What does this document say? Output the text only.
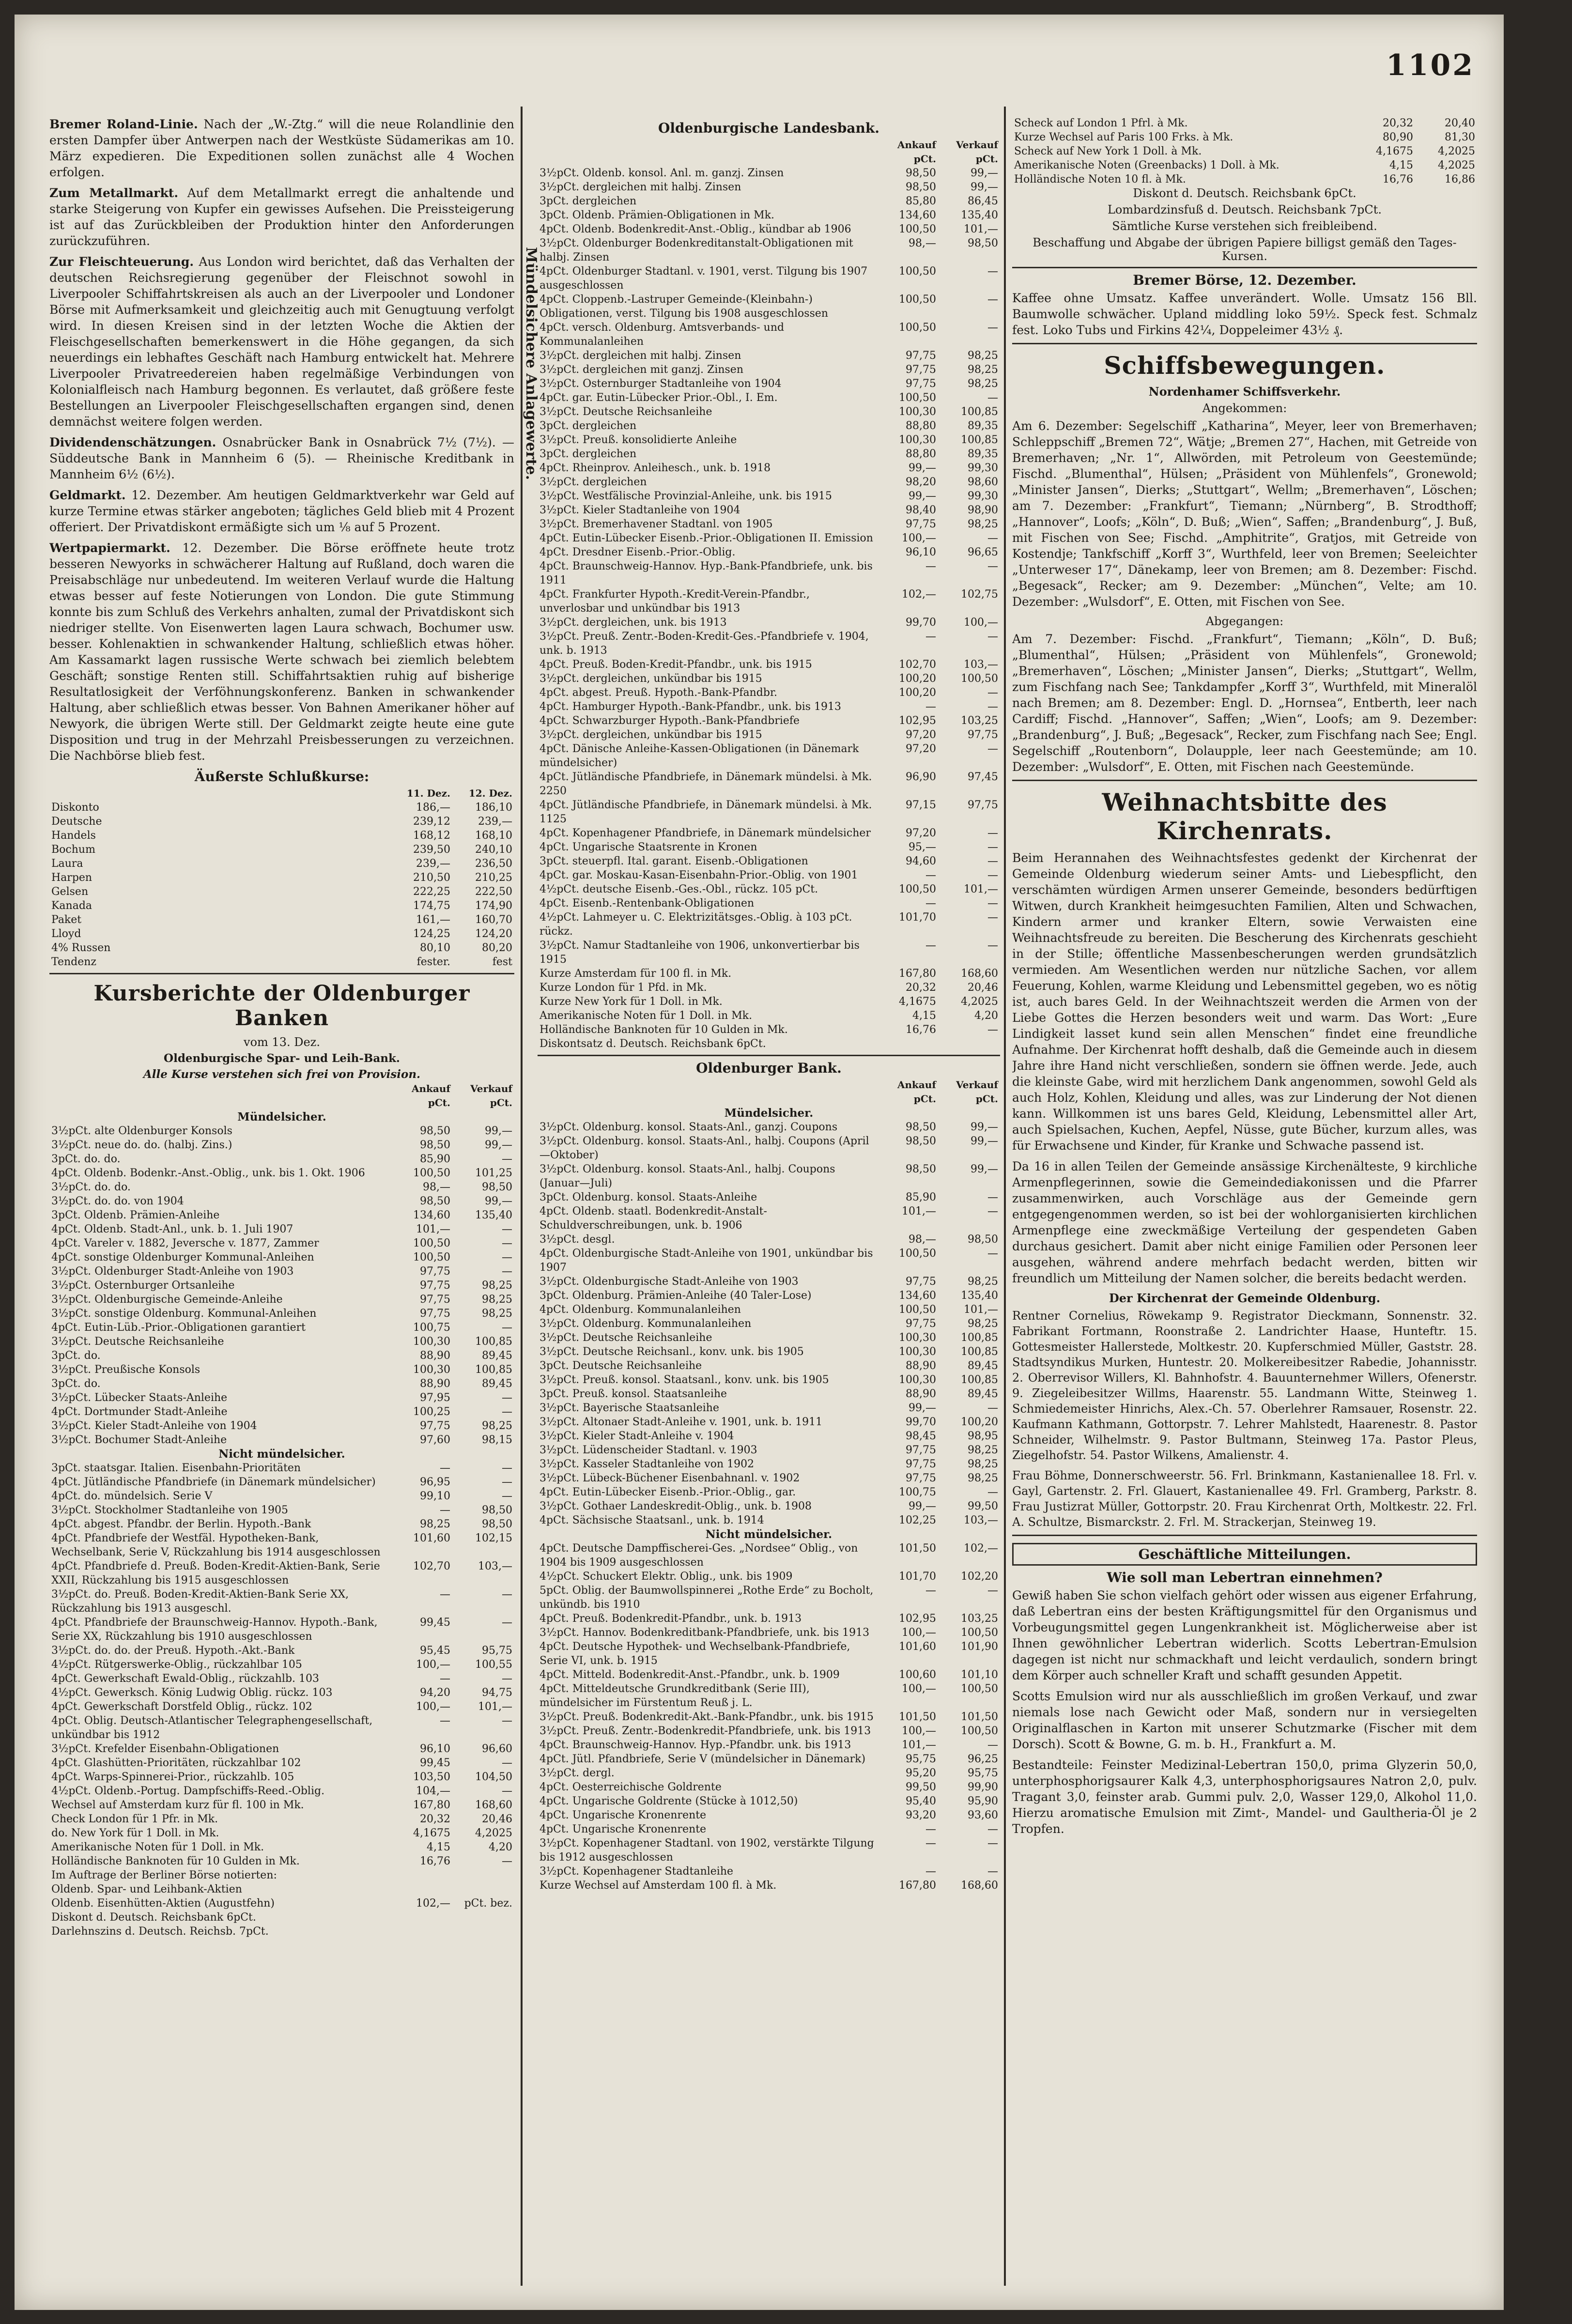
1102

Bremer Roland-Linie. Nach der „W.-Ztg.“ will die neue Rolandlinie den ersten Dampfer über Antwerpen nach der Westküste Südamerikas am 10. März expedieren. Die Expeditionen sollen zunächst alle 4 Wochen erfolgen.

Zum Metallmarkt. Auf dem Metallmarkt erregt die anhaltende und starke Steigerung von Kupfer ein gewisses Aufsehen. Die Preissteigerung ist auf das Zurückbleiben der Produktion hinter den Anforderungen zurückzuführen.

Zur Fleischteuerung. Aus London wird berichtet, daß das Verhalten der deutschen Reichsregierung gegenüber der Fleischnot sowohl in Liverpooler Schiffahrtskreisen als auch an der Liverpooler und Londoner Börse mit Aufmerksamkeit und gleichzeitig auch mit Genugtuung verfolgt wird. In diesen Kreisen sind in der letzten Woche die Aktien der Fleischgesellschaften bemerkenswert in die Höhe gegangen, da sich neuerdings ein lebhaftes Geschäft nach Hamburg entwickelt hat. Mehrere Liverpooler Privatreedereien haben regelmäßige Verbindungen von Kolonialfleisch nach Hamburg begonnen. Es verlautet, daß größere feste Bestellungen an Liverpooler Fleischgesellschaften ergangen sind, denen demnächst weitere folgen werden.

Dividendenschätzungen. Osnabrücker Bank in Osnabrück 7½ (7½). — Süddeutsche Bank in Mannheim 6 (5). — Rheinische Kreditbank in Mannheim 6½ (6½).

Geldmarkt. 12. Dezember. Am heutigen Geldmarktverkehr war Geld auf kurze Termine etwas stärker angeboten; tägliches Geld blieb mit 4 Prozent offeriert. Der Privatdiskont ermäßigte sich um ⅛ auf 5 Prozent.

Wertpapiermarkt. 12. Dezember. Die Börse eröffnete heute trotz besseren Newyorks in schwächerer Haltung auf Rußland, doch waren die Preisabschläge nur unbedeutend. Im weiteren Verlauf wurde die Haltung etwas besser auf feste Notierungen von London. Die gute Stimmung konnte bis zum Schluß des Verkehrs anhalten, zumal der Privatdiskont sich niedriger stellte. Von Eisenwerten lagen Laura schwach, Bochumer usw. besser. Kohlenaktien in schwankender Haltung, schließlich etwas höher. Am Kassamarkt lagen russische Werte schwach bei ziemlich belebtem Geschäft; sonstige Renten still. Schiffahrtsaktien ruhig auf bisherige Resultatlosigkeit der Verföhnungskonferenz. Banken in schwankender Haltung, aber schließlich etwas besser. Von Bahnen Amerikaner höher auf Newyork, die übrigen Werte still. Der Geldmarkt zeigte heute eine gute Disposition und trug in der Mehrzahl Preisbesserungen zu verzeichnen. Die Nachbörse blieb fest.

Äußerste Schlußkurse:
	11. Dez.	12. Dez.
Diskonto	186,—	186,10
Deutsche	239,12	239,—
Handels	168,12	168,10
Bochum	239,50	240,10
Laura	239,—	236,50
Harpen	210,50	210,25
Gelsen	222,25	222,50
Kanada	174,75	174,90
Paket	161,—	160,70
Lloyd	124,25	124,20
4% Russen	80,10	80,20
Tendenz	fester.	fest
Kursberichte der Oldenburger Banken
vom 13. Dez.
Oldenburgische Spar- und Leih-Bank.
Alle Kurse verstehen sich frei von Provision.
	Ankauf pCt.	Verkauf pCt.
Mündelsicher.		
3½pCt. alte Oldenburger Konsols	98,50	99,—
3½pCt. neue do. do. (halbj. Zins.)	98,50	99,—
3pCt. do. do.	85,90	—
4pCt. Oldenb. Bodenkr.-Anst.-Oblig., unk. bis 1. Okt. 1906	100,50	101,25
3½pCt. do. do.	98,—	98,50
3½pCt. do. do. von 1904	98,50	99,—
3pCt. Oldenb. Prämien-Anleihe	134,60	135,40
4pCt. Oldenb. Stadt-Anl., unk. b. 1. Juli 1907	101,—	—
4pCt. Vareler v. 1882, Jeversche v. 1877, Zammer	100,50	—
4pCt. sonstige Oldenburger Kommunal-Anleihen	100,50	—
3½pCt. Oldenburger Stadt-Anleihe von 1903	97,75	—
3½pCt. Osternburger Ortsanleihe	97,75	98,25
3½pCt. Oldenburgische Gemeinde-Anleihe	97,75	98,25
3½pCt. sonstige Oldenburg. Kommunal-Anleihen	97,75	98,25
4pCt. Eutin-Lüb.-Prior.-Obligationen garantiert	100,75	—
3½pCt. Deutsche Reichsanleihe	100,30	100,85
3pCt. do.	88,90	89,45
3½pCt. Preußische Konsols	100,30	100,85
3pCt. do.	88,90	89,45
3½pCt. Lübecker Staats-Anleihe	97,95	—
4pCt. Dortmunder Stadt-Anleihe	100,25	—
3½pCt. Kieler Stadt-Anleihe von 1904	97,75	98,25
3½pCt. Bochumer Stadt-Anleihe	97,60	98,15
Nicht mündelsicher.		
3pCt. staatsgar. Italien. Eisenbahn-Prioritäten	—	—
4pCt. Jütländische Pfandbriefe (in Dänemark mündelsicher)	96,95	—
4pCt. do. mündelsich. Serie V	99,10	—
3½pCt. Stockholmer Stadtanleihe von 1905	—	98,50
4pCt. abgest. Pfandbr. der Berlin. Hypoth.-Bank	98,25	98,50
4pCt. Pfandbriefe der Westfäl. Hypotheken-Bank, Wechselbank, Serie V, Rückzahlung bis 1914 ausgeschlossen	101,60	102,15
4pCt. Pfandbriefe d. Preuß. Boden-Kredit-Aktien-Bank, Serie XXII, Rückzahlung bis 1915 ausgeschlossen	102,70	103,—
3½pCt. do. Preuß. Boden-Kredit-Aktien-Bank Serie XX, Rückzahlung bis 1913 ausgeschl.	—	—
4pCt. Pfandbriefe der Braunschweig-Hannov. Hypoth.-Bank, Serie XX, Rückzahlung bis 1910 ausgeschlossen	99,45	—
3½pCt. do. do. der Preuß. Hypoth.-Akt.-Bank	95,45	95,75
4½pCt. Rütgerswerke-Oblig., rückzahlbar 105	100,—	100,55
4pCt. Gewerkschaft Ewald-Oblig., rückzahlb. 103	—	—
4½pCt. Gewerksch. König Ludwig Oblig. rückz. 103	94,20	94,75
4pCt. Gewerkschaft Dorstfeld Oblig., rückz. 102	100,—	101,—
4pCt. Oblig. Deutsch-Atlantischer Telegraphengesellschaft, unkündbar bis 1912	—	—
3½pCt. Krefelder Eisenbahn-Obligationen	96,10	96,60
4pCt. Glashütten-Prioritäten, rückzahlbar 102	99,45	—
4pCt. Warps-Spinnerei-Prior., rückzahlb. 105	103,50	104,50
4½pCt. Oldenb.-Portug. Dampfschiffs-Reed.-Oblig.	104,—	—
Wechsel auf Amsterdam kurz für fl. 100 in Mk.	167,80	168,60
Check London für 1 Pfr. in Mk.	20,32	20,46
do. New York für 1 Doll. in Mk.	4,1675	4,2025
Amerikanische Noten für 1 Doll. in Mk.	4,15	4,20
Holländische Banknoten für 10 Gulden in Mk.	16,76	—
Im Auftrage der Berliner Börse notierten:		
Oldenb. Spar- und Leihbank-Aktien		
Oldenb. Eisenhütten-Aktien (Augustfehn)	102,—	pCt. bez.
Diskont d. Deutsch. Reichsbank 6pCt.		
Darlehnszins d. Deutsch. Reichsb. 7pCt.		
Mündelsichere Anlagewerte.
Oldenburgische Landesbank.
	Ankauf pCt.	Verkauf pCt.
3½pCt. Oldenb. konsol. Anl. m. ganzj. Zinsen	98,50	99,—
3½pCt. dergleichen mit halbj. Zinsen	98,50	99,—
3pCt. dergleichen	85,80	86,45
3pCt. Oldenb. Prämien-Obligationen in Mk.	134,60	135,40
4pCt. Oldenb. Bodenkredit-Anst.-Oblig., kündbar ab 1906	100,50	101,—
3½pCt. Oldenburger Bodenkreditanstalt-Obligationen mit halbj. Zinsen	98,—	98,50
4pCt. Oldenburger Stadtanl. v. 1901, verst. Tilgung bis 1907 ausgeschlossen	100,50	—
4pCt. Cloppenb.-Lastruper Gemeinde-(Kleinbahn-) Obligationen, verst. Tilgung bis 1908 ausgeschlossen	100,50	—
4pCt. versch. Oldenburg. Amtsverbands- und Kommunalanleihen	100,50	—
3½pCt. dergleichen mit halbj. Zinsen	97,75	98,25
3½pCt. dergleichen mit ganzj. Zinsen	97,75	98,25
3½pCt. Osternburger Stadtanleihe von 1904	97,75	98,25
4pCt. gar. Eutin-Lübecker Prior.-Obl., I. Em.	100,50	—
3½pCt. Deutsche Reichsanleihe	100,30	100,85
3pCt. dergleichen	88,80	89,35
3½pCt. Preuß. konsolidierte Anleihe	100,30	100,85
3pCt. dergleichen	88,80	89,35
4pCt. Rheinprov. Anleihesch., unk. b. 1918	99,—	99,30
3½pCt. dergleichen	98,20	98,60
3½pCt. Westfälische Provinzial-Anleihe, unk. bis 1915	99,—	99,30
3½pCt. Kieler Stadtanleihe von 1904	98,40	98,90
3½pCt. Bremerhavener Stadtanl. von 1905	97,75	98,25
4pCt. Eutin-Lübecker Eisenb.-Prior.-Obligationen II. Emission	100,—	—
4pCt. Dresdner Eisenb.-Prior.-Oblig.	96,10	96,65
4pCt. Braunschweig-Hannov. Hyp.-Bank-Pfandbriefe, unk. bis 1911	—	—
4pCt. Frankfurter Hypoth.-Kredit-Verein-Pfandbr., unverlosbar und unkündbar bis 1913	102,—	102,75
3½pCt. dergleichen, unk. bis 1913	99,70	100,—
3½pCt. Preuß. Zentr.-Boden-Kredit-Ges.-Pfandbriefe v. 1904, unk. b. 1913	—	—
4pCt. Preuß. Boden-Kredit-Pfandbr., unk. bis 1915	102,70	103,—
3½pCt. dergleichen, unkündbar bis 1915	100,20	100,50
4pCt. abgest. Preuß. Hypoth.-Bank-Pfandbr.	100,20	—
4pCt. Hamburger Hypoth.-Bank-Pfandbr., unk. bis 1913	—	—
4pCt. Schwarzburger Hypoth.-Bank-Pfandbriefe	102,95	103,25
3½pCt. dergleichen, unkündbar bis 1915	97,20	97,75
4pCt. Dänische Anleihe-Kassen-Obligationen (in Dänemark mündelsicher)	97,20	—
4pCt. Jütländische Pfandbriefe, in Dänemark mündelsi. à Mk. 2250	96,90	97,45
4pCt. Jütländische Pfandbriefe, in Dänemark mündelsi. à Mk. 1125	97,15	97,75
4pCt. Kopenhagener Pfandbriefe, in Dänemark mündelsicher	97,20	—
4pCt. Ungarische Staatsrente in Kronen	95,—	—
3pCt. steuerpfl. Ital. garant. Eisenb.-Obligationen	94,60	—
4pCt. gar. Moskau-Kasan-Eisenbahn-Prior.-Oblig. von 1901	—	—
4½pCt. deutsche Eisenb.-Ges.-Obl., rückz. 105 pCt.	100,50	101,—
4pCt. Eisenb.-Rentenbank-Obligationen	—	—
4½pCt. Lahmeyer u. C. Elektrizitätsges.-Oblig. à 103 pCt. rückz.	101,70	—
3½pCt. Namur Stadtanleihe von 1906, unkonvertierbar bis 1915	—	—
Kurze Amsterdam für 100 fl. in Mk.	167,80	168,60
Kurze London für 1 Pfd. in Mk.	20,32	20,46
Kurze New York für 1 Doll. in Mk.	4,1675	4,2025
Amerikanische Noten für 1 Doll. in Mk.	4,15	4,20
Holländische Banknoten für 10 Gulden in Mk.	16,76	—
Diskontsatz d. Deutsch. Reichsbank 6pCt.		
Oldenburger Bank.
	Ankauf pCt.	Verkauf pCt.
Mündelsicher.		
3½pCt. Oldenburg. konsol. Staats-Anl., ganzj. Coupons	98,50	99,—
3½pCt. Oldenburg. konsol. Staats-Anl., halbj. Coupons (April—Oktober)	98,50	99,—
3½pCt. Oldenburg. konsol. Staats-Anl., halbj. Coupons (Januar—Juli)	98,50	99,—
3pCt. Oldenburg. konsol. Staats-Anleihe	85,90	—
4pCt. Oldenb. staatl. Bodenkredit-Anstalt-Schuldverschreibungen, unk. b. 1906	101,—	—
3½pCt. desgl.	98,—	98,50
4pCt. Oldenburgische Stadt-Anleihe von 1901, unkündbar bis 1907	100,50	—
3½pCt. Oldenburgische Stadt-Anleihe von 1903	97,75	98,25
3pCt. Oldenburg. Prämien-Anleihe (40 Taler-Lose)	134,60	135,40
4pCt. Oldenburg. Kommunalanleihen	100,50	101,—
3½pCt. Oldenburg. Kommunalanleihen	97,75	98,25
3½pCt. Deutsche Reichsanleihe	100,30	100,85
3½pCt. Deutsche Reichsanl., konv. unk. bis 1905	100,30	100,85
3pCt. Deutsche Reichsanleihe	88,90	89,45
3½pCt. Preuß. konsol. Staatsanl., konv. unk. bis 1905	100,30	100,85
3pCt. Preuß. konsol. Staatsanleihe	88,90	89,45
3½pCt. Bayerische Staatsanleihe	99,—	—
3½pCt. Altonaer Stadt-Anleihe v. 1901, unk. b. 1911	99,70	100,20
3½pCt. Kieler Stadt-Anleihe v. 1904	98,45	98,95
3½pCt. Lüdenscheider Stadtanl. v. 1903	97,75	98,25
3½pCt. Kasseler Stadtanleihe von 1902	97,75	98,25
3½pCt. Lübeck-Büchener Eisenbahnanl. v. 1902	97,75	98,25
4pCt. Eutin-Lübecker Eisenb.-Prior.-Oblig., gar.	100,75	—
3½pCt. Gothaer Landeskredit-Oblig., unk. b. 1908	99,—	99,50
4pCt. Sächsische Staatsanl., unk. b. 1914	102,25	103,—
Nicht mündelsicher.		
4pCt. Deutsche Dampffischerei-Ges. „Nordsee“ Oblig., von 1904 bis 1909 ausgeschlossen	101,50	102,—
4½pCt. Schuckert Elektr. Oblig., unk. bis 1909	101,70	102,20
5pCt. Oblig. der Baumwollspinnerei „Rothe Erde“ zu Bocholt, unkündb. bis 1910	—	—
4pCt. Preuß. Bodenkredit-Pfandbr., unk. b. 1913	102,95	103,25
3½pCt. Hannov. Bodenkreditbank-Pfandbriefe, unk. bis 1913	100,—	100,50
4pCt. Deutsche Hypothek- und Wechselbank-Pfandbriefe, Serie VI, unk. b. 1915	101,60	101,90
4pCt. Mitteld. Bodenkredit-Anst.-Pfandbr., unk. b. 1909	100,60	101,10
4pCt. Mitteldeutsche Grundkreditbank (Serie III), mündelsicher im Fürstentum Reuß j. L.	100,—	100,50
3½pCt. Preuß. Bodenkredit-Akt.-Bank-Pfandbr., unk. bis 1915	101,50	101,50
3½pCt. Preuß. Zentr.-Bodenkredit-Pfandbriefe, unk. bis 1913	100,—	100,50
4pCt. Braunschweig-Hannov. Hyp.-Pfandbr. unk. bis 1913	101,—	—
4pCt. Jütl. Pfandbriefe, Serie V (mündelsicher in Dänemark)	95,75	96,25
3½pCt. dergl.	95,20	95,75
4pCt. Oesterreichische Goldrente	99,50	99,90
4pCt. Ungarische Goldrente (Stücke à 1012,50)	95,40	95,90
4pCt. Ungarische Kronenrente	93,20	93,60
4pCt. Ungarische Kronenrente	—	—
3½pCt. Kopenhagener Stadtanl. von 1902, verstärkte Tilgung bis 1912 ausgeschlossen	—	—
3½pCt. Kopenhagener Stadtanleihe	—	—
Kurze Wechsel auf Amsterdam 100 fl. à Mk.	167,80	168,60
Scheck auf London 1 Pfrl. à Mk.	20,32	20,40
Kurze Wechsel auf Paris 100 Frks. à Mk.	80,90	81,30
Scheck auf New York 1 Doll. à Mk.	4,1675	4,2025
Amerikanische Noten (Greenbacks) 1 Doll. à Mk.	4,15	4,2025
Holländische Noten 10 fl. à Mk.	16,76	16,86
Diskont d. Deutsch. Reichsbank 6pCt.
Lombardzinsfuß d. Deutsch. Reichsbank 7pCt.
Sämtliche Kurse verstehen sich freibleibend.
Beschaffung und Abgabe der übrigen Papiere billigst gemäß den Tages-Kursen.
Bremer Börse, 12. Dezember.

Kaffee ohne Umsatz. Kaffee unverändert. Wolle. Umsatz 156 Bll. Baumwolle schwächer. Upland middling loko 59½. Speck fest. Schmalz fest. Loko Tubs und Firkins 42¼, Doppeleimer 43½ ₰.

Schiffsbewegungen.
Nordenhamer Schiffsverkehr.
Angekommen:

Am 6. Dezember: Segelschiff „Katharina“, Meyer, leer von Bremerhaven; Schleppschiff „Bremen 72“, Wätje; „Bremen 27“, Hachen, mit Getreide von Bremerhaven; „Nr. 1“, Allwörden, mit Petroleum von Geestemünde; Fischd. „Blumenthal“, Hülsen; „Präsident von Mühlenfels“, Gronewold; „Minister Jansen“, Dierks; „Stuttgart“, Wellm; „Bremerhaven“, Löschen; am 7. Dezember: „Frankfurt“, Tiemann; „Nürnberg“, B. Strodthoff; „Hannover“, Loofs; „Köln“, D. Buß; „Wien“, Saffen; „Brandenburg“, J. Buß, mit Fischen von See; Fischd. „Amphitrite“, Gratjos, mit Getreide von Kostendje; Tankfschiff „Korff 3“, Wurthfeld, leer von Bremen; Seeleichter „Unterweser 17“, Dänekamp, leer von Bremen; am 8. Dezember: Fischd. „Begesack“, Recker; am 9. Dezember: „München“, Velte; am 10. Dezember: „Wulsdorf“, E. Otten, mit Fischen von See.

Abgegangen:

Am 7. Dezember: Fischd. „Frankfurt“, Tiemann; „Köln“, D. Buß; „Blumenthal“, Hülsen; „Präsident von Mühlenfels“, Gronewold; „Bremerhaven“, Löschen; „Minister Jansen“, Dierks; „Stuttgart“, Wellm, zum Fischfang nach See; Tankdampfer „Korff 3“, Wurthfeld, mit Mineralöl nach Bremen; am 8. Dezember: Engl. D. „Hornsea“, Entberth, leer nach Cardiff; Fischd. „Hannover“, Saffen; „Wien“, Loofs; am 9. Dezember: „Brandenburg“, J. Buß; „Begesack“, Recker, zum Fischfang nach See; Engl. Segelschiff „Routenborn“, Dolaupple, leer nach Geestemünde; am 10. Dezember: „Wulsdorf“, E. Otten, mit Fischen nach Geestemünde.

Weihnachtsbitte des Kirchenrats.

Beim Herannahen des Weihnachtsfestes gedenkt der Kirchenrat der Gemeinde Oldenburg wiederum seiner Amts- und Liebespflicht, den verschämten würdigen Armen unserer Gemeinde, besonders bedürftigen Witwen, durch Krankheit heimgesuchten Familien, Alten und Schwachen, Kindern armer und kranker Eltern, sowie Verwaisten eine Weihnachtsfreude zu bereiten. Die Bescherung des Kirchenrats geschieht in der Stille; öffentliche Massenbescherungen werden grundsätzlich vermieden. Am Wesentlichen werden nur nützliche Sachen, vor allem Feuerung, Kohlen, warme Kleidung und Lebensmittel gegeben, wo es nötig ist, auch bares Geld. In der Weihnachtszeit werden die Armen von der Liebe Gottes die Herzen besonders weit und warm. Das Wort: „Eure Lindigkeit lasset kund sein allen Menschen“ findet eine freundliche Aufnahme. Der Kirchenrat hofft deshalb, daß die Gemeinde auch in diesem Jahre ihre Hand nicht verschließen, sondern sie öffnen werde. Jede, auch die kleinste Gabe, wird mit herzlichem Dank angenommen, sowohl Geld als auch Holz, Kohlen, Kleidung und alles, was zur Linderung der Not dienen kann. Willkommen ist uns bares Geld, Kleidung, Lebensmittel aller Art, auch Spielsachen, Kuchen, Aepfel, Nüsse, gute Bücher, kurzum alles, was für Erwachsene und Kinder, für Kranke und Schwache passend ist.

Da 16 in allen Teilen der Gemeinde ansässige Kirchenälteste, 9 kirchliche Armenpflegerinnen, sowie die Gemeindediakonissen und die Pfarrer zusammenwirken, auch Vorschläge aus der Gemeinde gern entgegengenommen werden, so ist bei der wohlorganisierten kirchlichen Armenpflege eine zweckmäßige Verteilung der gespendeten Gaben durchaus gesichert. Damit aber nicht einige Familien oder Personen leer ausgehen, während andere mehrfach bedacht werden, bitten wir freundlich um Mitteilung der Namen solcher, die bereits bedacht werden.

Der Kirchenrat der Gemeinde Oldenburg.

Rentner Cornelius, Röwekamp 9. Registrator Dieckmann, Sonnenstr. 32. Fabrikant Fortmann, Roonstraße 2. Landrichter Haase, Hunteftr. 15. Gottesmeister Hallerstede, Moltkestr. 20. Kupferschmied Müller, Gaststr. 28. Stadtsyndikus Murken, Huntestr. 20. Molkereibesitzer Rabedie, Johannisstr. 2. Oberrevisor Willers, Kl. Bahnhofstr. 4. Bauunternehmer Willers, Ofenerstr. 9. Ziegeleibesitzer Willms, Haarenstr. 55. Landmann Witte, Steinweg 1. Schmiedemeister Hinrichs, Alex.-Ch. 57. Oberlehrer Ramsauer, Rosenstr. 22. Kaufmann Kathmann, Gottorpstr. 7. Lehrer Mahlstedt, Haarenestr. 8. Pastor Schneider, Wilhelmstr. 9. Pastor Bultmann, Steinweg 17a. Pastor Pleus, Ziegelhofstr. 54. Pastor Wilkens, Amalienstr. 4.

Frau Böhme, Donnerschweerstr. 56. Frl. Brinkmann, Kastanienallee 18. Frl. v. Gayl, Gartenstr. 2. Frl. Glauert, Kastanienallee 49. Frl. Gramberg, Parkstr. 8. Frau Justizrat Müller, Gottorpstr. 20. Frau Kirchenrat Orth, Moltkestr. 22. Frl. A. Schultze, Bismarckstr. 2. Frl. M. Strackerjan, Steinweg 19.

Geschäftliche Mitteilungen.
Wie soll man Lebertran einnehmen?

Gewiß haben Sie schon vielfach gehört oder wissen aus eigener Erfahrung, daß Lebertran eins der besten Kräftigungsmittel für den Organismus und Vorbeugungsmittel gegen Lungenkrankheit ist. Möglicherweise aber ist Ihnen gewöhnlicher Lebertran widerlich. Scotts Lebertran-Emulsion dagegen ist nicht nur schmackhaft und leicht verdaulich, sondern bringt dem Körper auch schneller Kraft und schafft gesunden Appetit.

Scotts Emulsion wird nur als ausschließlich im großen Verkauf, und zwar niemals lose nach Gewicht oder Maß, sondern nur in versiegelten Originalflaschen in Karton mit unserer Schutzmarke (Fischer mit dem Dorsch). Scott & Bowne, G. m. b. H., Frankfurt a. M.

Bestandteile: Feinster Medizinal-Lebertran 150,0, prima Glyzerin 50,0, unterphosphorigsaurer Kalk 4,3, unterphosphorigsaures Natron 2,0, pulv. Tragant 3,0, feinster arab. Gummi pulv. 2,0, Wasser 129,0, Alkohol 11,0. Hierzu aromatische Emulsion mit Zimt-, Mandel- und Gaultheria-Öl je 2 Tropfen.
